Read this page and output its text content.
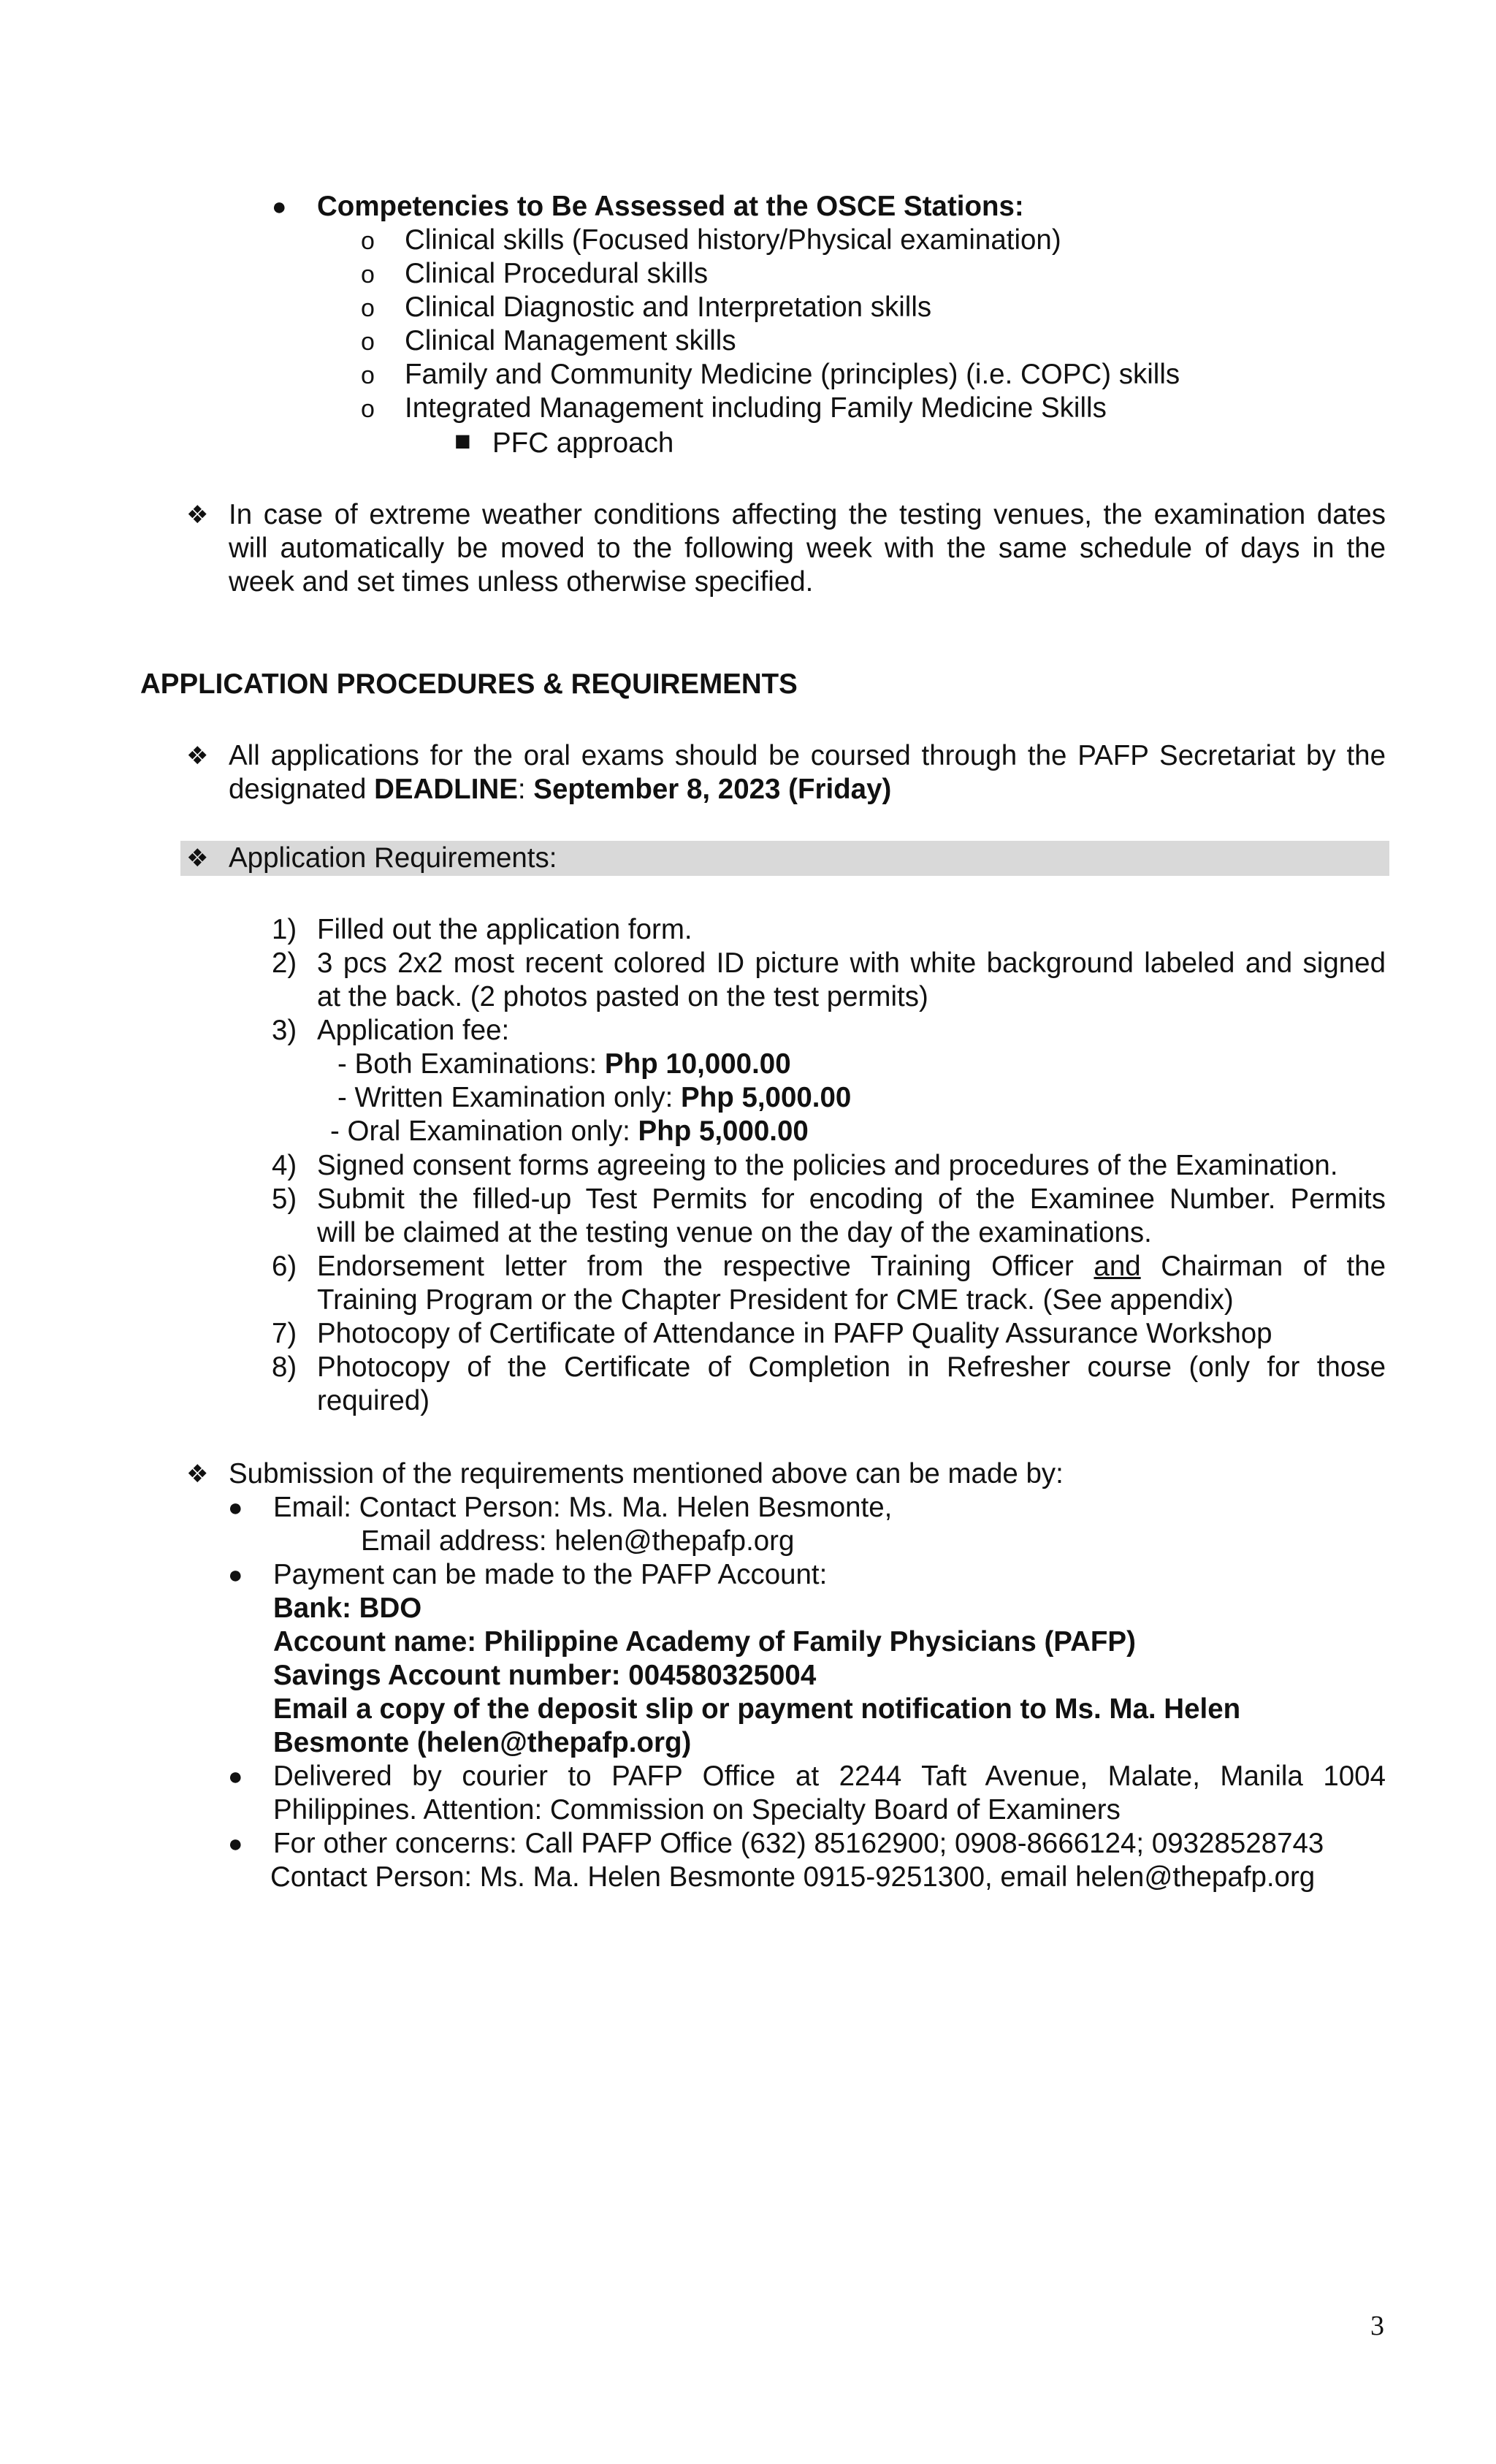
● Competencies to Be Assessed at the OSCE Stations:
o Clinical skills (Focused history/Physical examination)
o Clinical Procedural skills
o Clinical Diagnostic and Interpretation skills
o Clinical Management skills
o Family and Community Medicine (principles) (i.e. COPC) skills
o Integrated Management including Family Medicine Skills
■ PFC approach
❖ In case of extreme weather conditions affecting the testing venues, the examination dates
will automatically be moved to the following week with the same schedule of days in the
week and set times unless otherwise specified.
APPLICATION PROCEDURES & REQUIREMENTS
❖ All applications for the oral exams should be coursed through the PAFP Secretariat by the
designated DEADLINE: September 8, 2023 (Friday)
❖ Application Requirements:
1) Filled out the application form.
2) 3 pcs 2x2 most recent colored ID picture with white background labeled and signed
at the back. (2 photos pasted on the test permits)
3) Application fee:
- Both Examinations: Php 10,000.00
- Written Examination only: Php 5,000.00
- Oral Examination only: Php 5,000.00
4) Signed consent forms agreeing to the policies and procedures of the Examination.
5) Submit the filled-up Test Permits for encoding of the Examinee Number. Permits
will be claimed at the testing venue on the day of the examinations.
6) Endorsement letter from the respective Training Officer and Chairman of the
Training Program or the Chapter President for CME track. (See appendix)
7) Photocopy of Certificate of Attendance in PAFP Quality Assurance Workshop
8) Photocopy of the Certificate of Completion in Refresher course (only for those
required)
❖ Submission of the requirements mentioned above can be made by:
● Email: Contact Person: Ms. Ma. Helen Besmonte,
Email address: helen@thepafp.org
● Payment can be made to the PAFP Account:
Bank: BDO
Account name: Philippine Academy of Family Physicians (PAFP)
Savings Account number: 004580325004
Email a copy of the deposit slip or payment notification to Ms. Ma. Helen
Besmonte (helen@thepafp.org)
● Delivered by courier to PAFP Office at 2244 Taft Avenue, Malate, Manila 1004
Philippines. Attention: Commission on Specialty Board of Examiners
● For other concerns: Call PAFP Office (632) 85162900; 0908-8666124; 09328528743
Contact Person: Ms. Ma. Helen Besmonte 0915-9251300, email helen@thepafp.org
3
